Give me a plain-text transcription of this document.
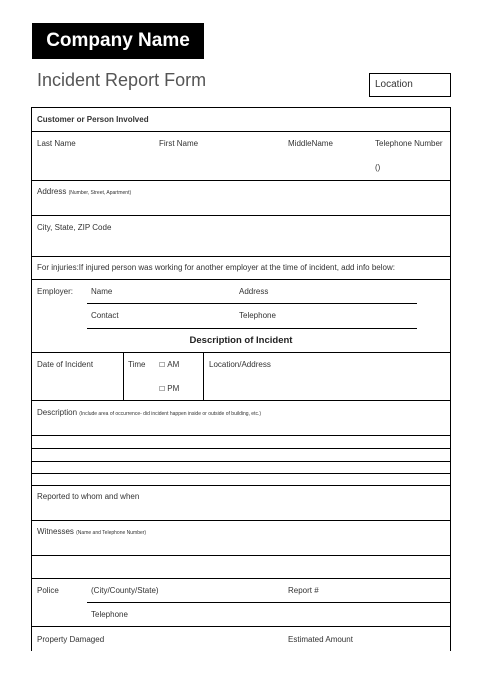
Company Name
Incident Report Form	Location
Customer or Person Involved
Last Name	First Name	MiddleName	Telephone Number
()
Address (Number, Street, Apartment)
City, State, ZIP Code
For injuries:If injured person was working for another employer at the time of incident, add info below:
Employer: Name	Address
Contact	Telephone
Description of Incident
Date of Incident	Time ☐ AM
☐ PM
Location/Address
Description (Include area of occurrence- did incident happen inside or outside of building, etc.)
Reported to whom and when
Witnesses (Name and Telephone Number)
Police	(City/County/State)	Report #
Telephone
Property Damaged	Estimated Amount
